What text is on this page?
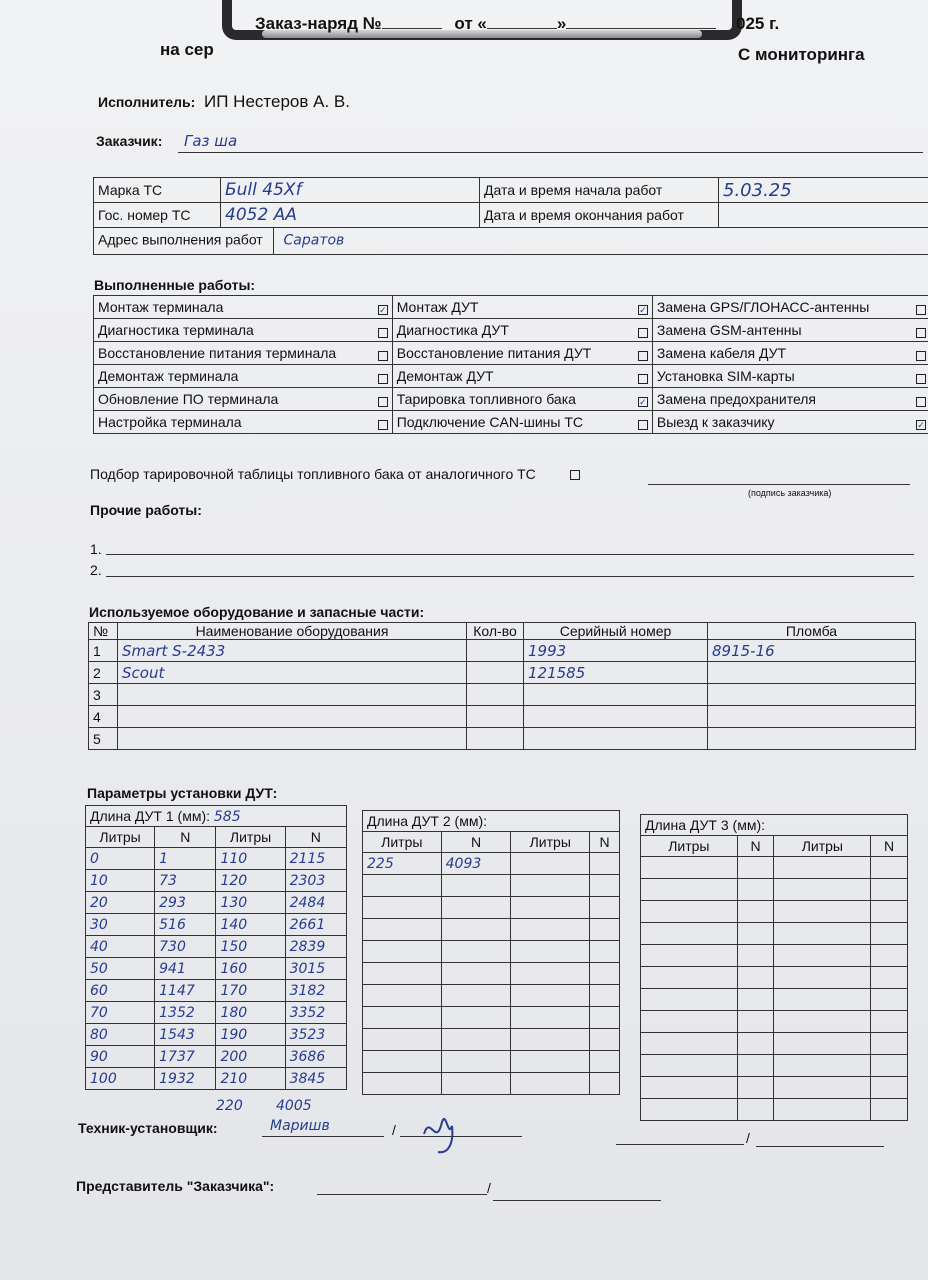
Заказ-наряд №	от «	»	025 г.
на сер	С мониторинга
Исполнитель: ИП Нестеров А. В.
Заказчик: Газ ша
Марка ТС	Бull 45Xf	Дата и время начала работ	5.03.25
Гос. номер ТС	4052 АА	Дата и время окончания работ	
Адрес выполнения работ Саратов			
Выполненные работы:
Монтаж терминала ✓	Монтаж ДУТ ✓	Замена GPS/ГЛОНАСС-антенны

Диагностика терминала	Диагностика ДУТ	Замена GSM-антенны

Восстановление питания терминала	Восстановление питания ДУТ	Замена кабеля ДУТ

Демонтаж терминала	Демонтаж ДУТ	Установка SIM-карты

Обновление ПО терминала	Тарировка топливного бака ✓	Замена предохранителя

Настройка терминала	Подключение CAN-шины ТС	Выезд к заказчику ✓
Подбор тарировочной таблицы топливного бака от аналогичного ТС
(подпись заказчика)
Прочие работы:
1.
2.
Используемое оборудование и запасные части:
№	Наименование оборудования	Кол-во	Серийный номер	Пломба
1	Smart S-2433		1993	8915-16
2	Scout		121585	
3				
4				
5				
Параметры установки ДУТ:
Длина ДУТ 1 (мм): 585			
Литры	N	Литры	N
0	1	110	2115
10	73	120	2303
20	293	130	2484
30	516	140	2661
40	730	150	2839
50	941	160	3015
60	1147	170	3182
70	1352	180	3352
80	1543	190	3523
90	1737	200	3686
100	1932	210	3845
220 4005
Длина ДУТ 2 (мм):			
Литры	N	Литры	N
225	4093		

Длина ДУТ 3 (мм):			
Литры	N	Литры	N

Техник-установщик:	Маришв	/	/
Представитель "Заказчика":	/
